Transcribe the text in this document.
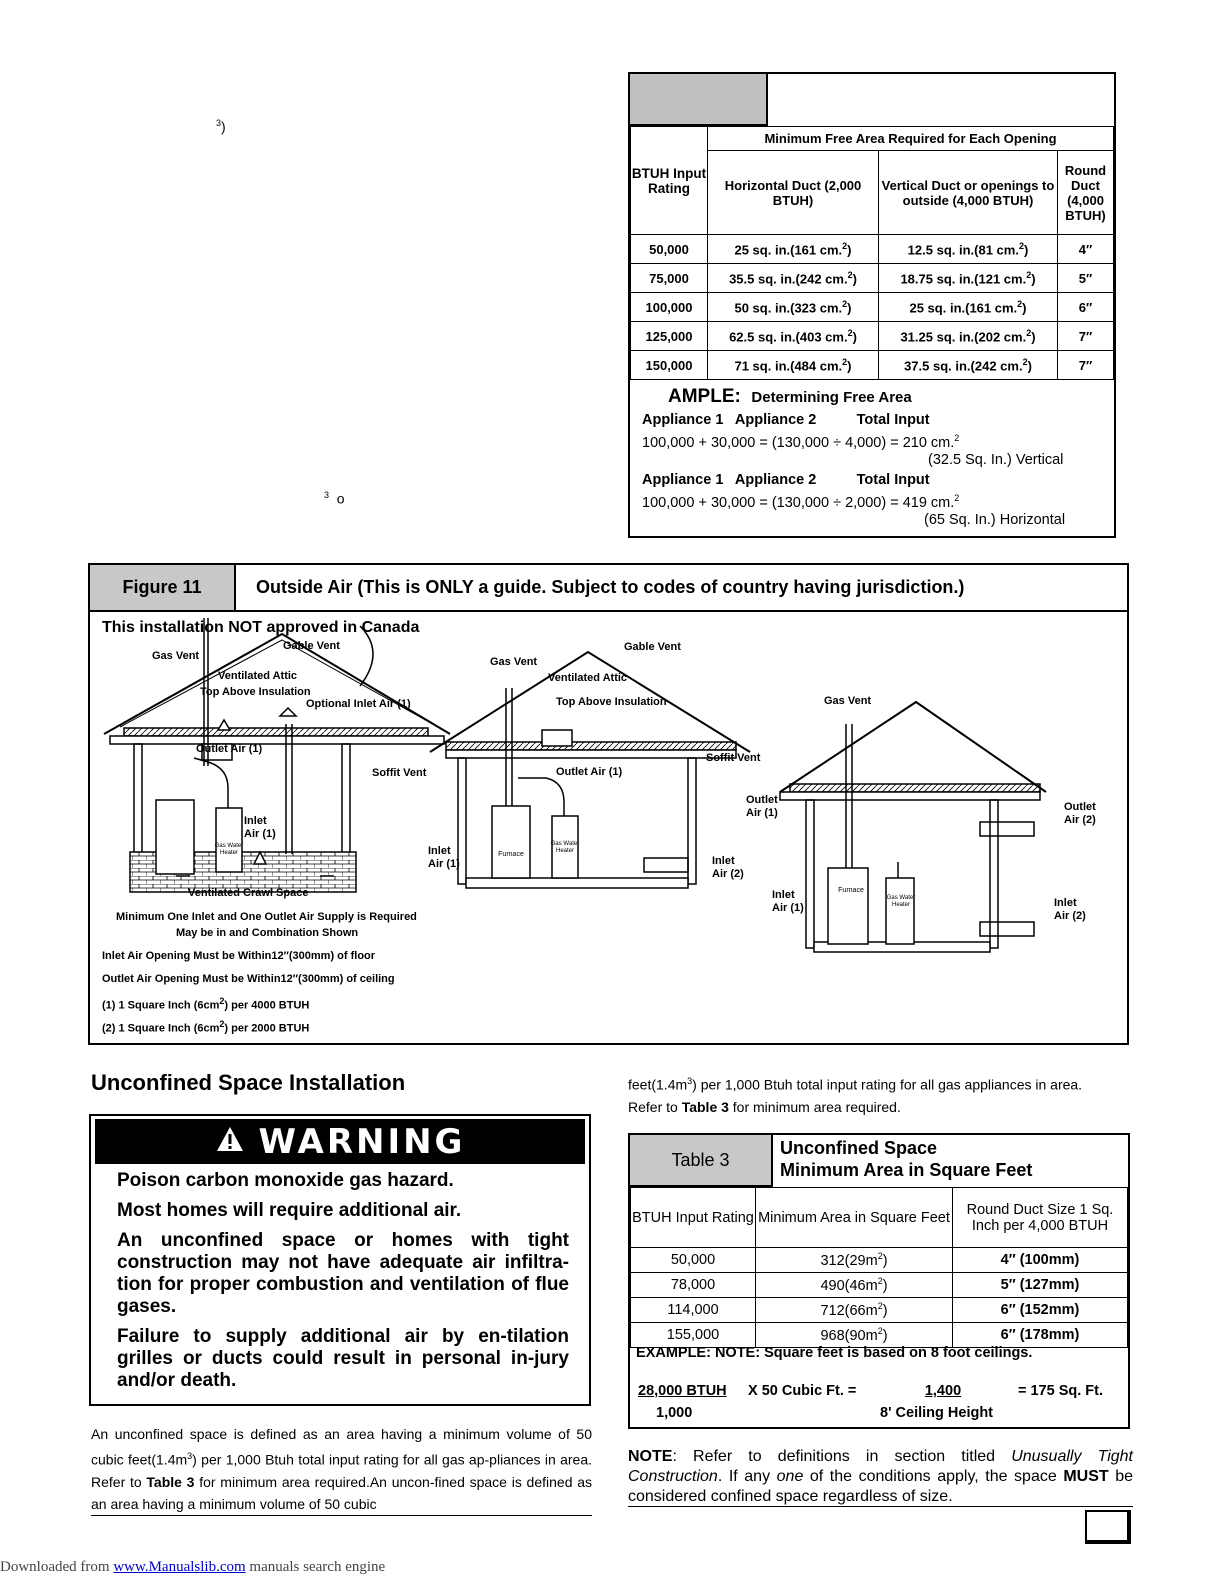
$^3$)
$^3$ o
BTUH Input Rating	Minimum Free Area Required for Each Opening		
	Horizontal Duct (2,000 BTUH)	Vertical Duct or openings to outside (4,000 BTUH)	Round Duct (4,000 BTUH)
50,000	25 sq. in.(161 cm.$^2$)	12.5 sq. in.(81 cm.$^2$)	4″
75,000	35.5 sq. in.(242 cm.$^2$)	18.75 sq. in.(121 cm.$^2$)	5″
100,000	50 sq. in.(323 cm.$^2$)	25 sq. in.(161 cm.$^2$)	6″
125,000	62.5 sq. in.(403 cm.$^2$)	31.25 sq. in.(202 cm.$^2$)	7″
150,000	71 sq. in.(484 cm.$^2$)	37.5 sq. in.(242 cm.$^2$)	7″
AMPLE: Determining Free Area
Appliance 1   Appliance 2          Total Input
100,000 + 30,000 = (130,000 ÷ 4,000) = 210 cm.$^2$
(32.5 Sq. In.) Vertical
Appliance 1   Appliance 2          Total Input
100,000 + 30,000 = (130,000 ÷ 2,000) = 419 cm.$^2$
(65 Sq. In.) Horizontal
Figure 11	Outside Air (This is ONLY a guide. Subject to codes of country having jurisdiction.)
This installation NOT approved in Canada
Gas Vent
Gable Vent
Ventilated Attic
Top Above Insulation
Optional Inlet Air (1)
Outlet Air (1)
Soffit Vent
Inlet
Air (1)
Gas Water Heater
Ventilated Crawl Space
Gas Vent
Gable Vent
Ventilated Attic
Top Above Insulation
Soffit Vent
Outlet Air (1)
Inlet
Air (1)
Furnace
Gas Water Heater
Inlet
Air (2)
Gas Vent
Outlet
Air (1)	Outlet
Air (2)
Inlet
Air (1)	Inlet
Air (2)
Furnace
Gas Water Heater
Minimum One Inlet and One Outlet Air Supply is Required
May be in and Combination Shown
Inlet Air Opening Must be Within12″(300mm) of floor
Outlet Air Opening Must be Within12″(300mm) of ceiling
(1) 1 Square Inch $(6cm^2)$ per 4000 BTUH
(2) 1 Square Inch $(6cm^2)$ per 2000 BTUH
Unconfined Space Installation
WARNING

Poison carbon monoxide gas hazard.

Most homes will require additional air.

An unconfined space or homes with tight construction may not have adequate air infiltra-tion for proper combustion and ventilation of flue gases.

Failure to supply additional air by en-tilation grilles or ducts could result in personal in-jury and/or death.

An unconfined space is defined as an area having a minimum volume of 50 cubic $feet(1.4m^3)$ per 1,000 Btuh total input rating for all gas ap-pliances in area. Refer to Table 3 for minimum area required.An uncon-fined space is defined as an area having a minimum volume of 50 cubic
$feet(1.4m^3)$ per 1,000 Btuh total input rating for all gas appliances in area.
Refer to Table 3 for minimum area required.
Table 3
Unconfined Space
Minimum Area in Square Feet
BTUH Input Rating	Minimum Area in Square Feet	Round Duct Size 1 Sq. Inch per 4,000 BTUH
50,000	$312(29m^2)$	4″ (100mm)
78,000	$490(46m^2)$	5″ (127mm)
114,000	$712(66m^2)$	6″ (152mm)
155,000	$968(90m^2)$	6″ (178mm)
EXAMPLE: NOTE: Square feet is based on 8 foot ceilings.
28,000 BTUH X 50 Cubic Ft. =	1,400	= 175 Sq. Ft.
1,000	8' Ceiling Height
NOTE: Refer to definitions in section titled Unusually Tight Construction. If any one of the conditions apply, the space MUST be considered confined space regardless of size.
Downloaded from www.Manualslib.com manuals search engine
